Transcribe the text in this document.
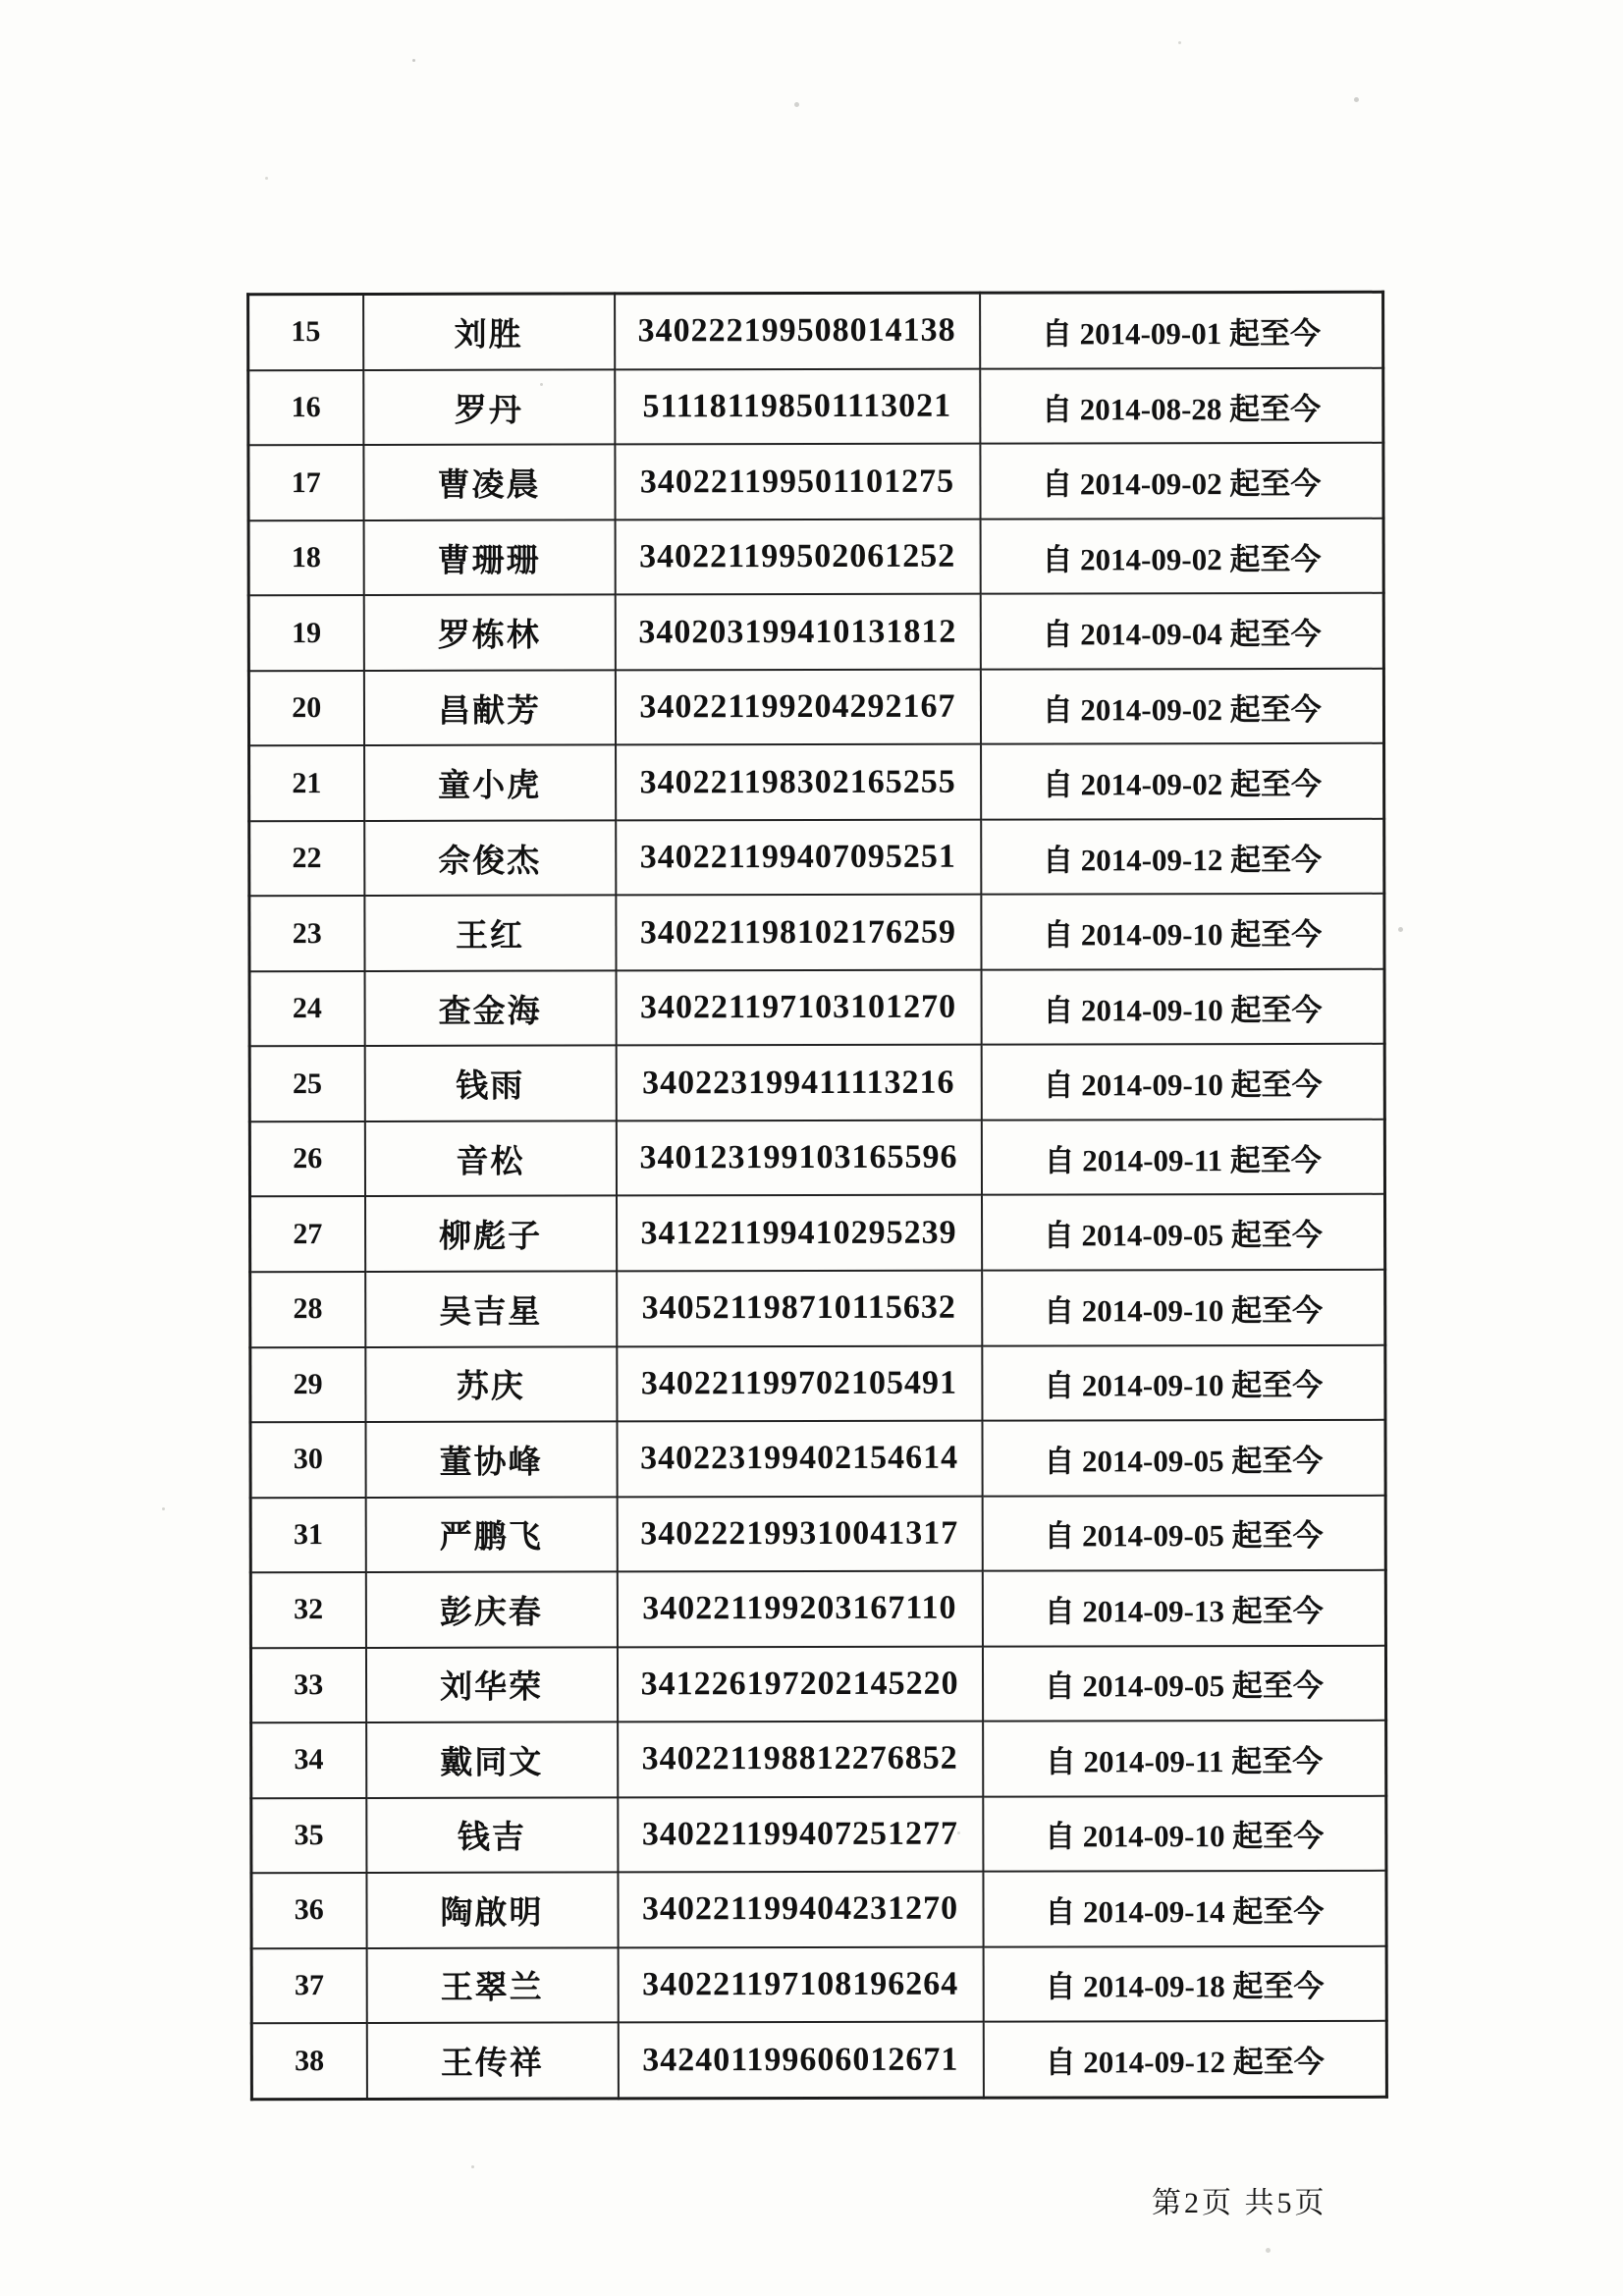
15	刘胜	340222199508014138	自 2014-09-01 起至今
16	罗丹	511181198501113021	自 2014-08-28 起至今
17	曹凌晨	340221199501101275	自 2014-09-02 起至今
18	曹珊珊	340221199502061252	自 2014-09-02 起至今
19	罗栋林	340203199410131812	自 2014-09-04 起至今
20	昌献芳	340221199204292167	自 2014-09-02 起至今
21	童小虎	340221198302165255	自 2014-09-02 起至今
22	佘俊杰	340221199407095251	自 2014-09-12 起至今
23	王红	340221198102176259	自 2014-09-10 起至今
24	查金海	340221197103101270	自 2014-09-10 起至今
25	钱雨	340223199411113216	自 2014-09-10 起至今
26	音松	340123199103165596	自 2014-09-11 起至今
27	柳彪子	341221199410295239	自 2014-09-05 起至今
28	吴吉星	340521198710115632	自 2014-09-10 起至今
29	苏庆	340221199702105491	自 2014-09-10 起至今
30	董协峰	340223199402154614	自 2014-09-05 起至今
31	严鹏飞	340222199310041317	自 2014-09-05 起至今
32	彭庆春	340221199203167110	自 2014-09-13 起至今
33	刘华荣	341226197202145220	自 2014-09-05 起至今
34	戴同文	340221198812276852	自 2014-09-11 起至今
35	钱吉	340221199407251277	自 2014-09-10 起至今
36	陶啟明	340221199404231270	自 2014-09-14 起至今
37	王翠兰	340221197108196264	自 2014-09-18 起至今
38	王传祥	342401199606012671	自 2014-09-12 起至今
第2页 共5页
